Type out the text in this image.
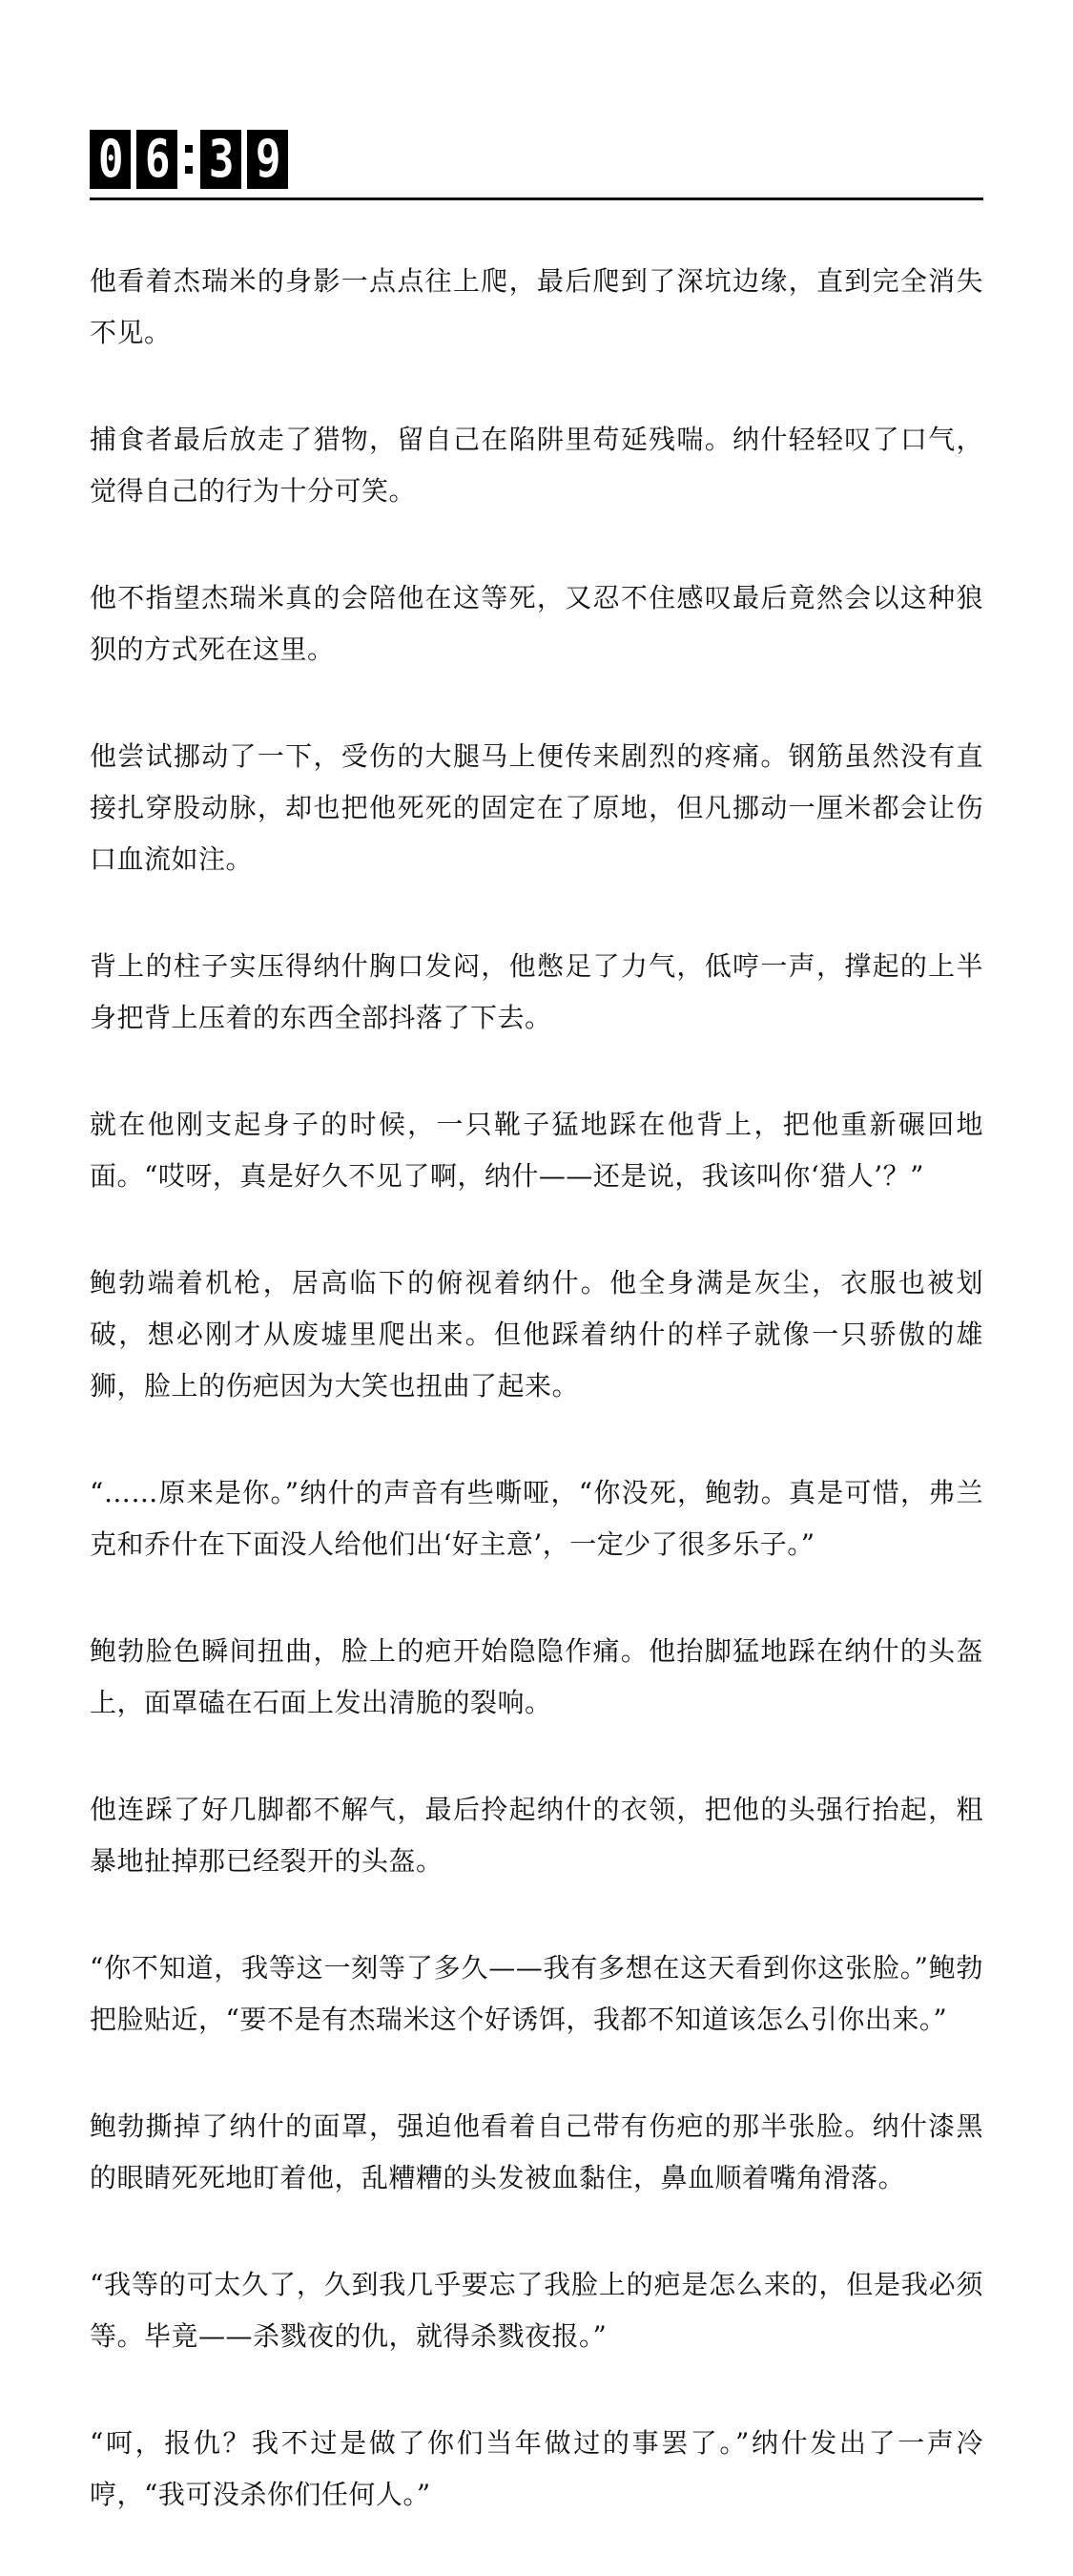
0 6 3 9

他看着杰瑞米的身影一点点往上爬，最后爬到了深坑边缘，直到完全消失不见。

捕食者最后放走了猎物，留自己在陷阱里苟延残喘。纳什轻轻叹了口气，觉得自己的行为十分可笑。

他不指望杰瑞米真的会陪他在这等死，又忍不住感叹最后竟然会以这种狼狈的方式死在这里。

他尝试挪动了一下，受伤的大腿马上便传来剧烈的疼痛。钢筋虽然没有直接扎穿股动脉，却也把他死死的固定在了原地，但凡挪动一厘米都会让伤口血流如注。

背上的柱子实压得纳什胸口发闷，他憋足了力气，低哼一声，撑起的上半身把背上压着的东西全部抖落了下去。

就在他刚支起身子的时候，一只靴子猛地踩在他背上，把他重新碾回地面。“哎呀，真是好久不见了啊，纳什——还是说，我该叫你‘猎人’？”

鲍勃端着机枪，居高临下的俯视着纳什。他全身满是灰尘，衣服也被划破，想必刚才从废墟里爬出来。但他踩着纳什的样子就像一只骄傲的雄狮，脸上的伤疤因为大笑也扭曲了起来。

“……原来是你。”纳什的声音有些嘶哑，“你没死，鲍勃。真是可惜，弗兰克和乔什在下面没人给他们出‘好主意’，一定少了很多乐子。”

鲍勃脸色瞬间扭曲，脸上的疤开始隐隐作痛。他抬脚猛地踩在纳什的头盔上，面罩磕在石面上发出清脆的裂响。

他连踩了好几脚都不解气，最后拎起纳什的衣领，把他的头强行抬起，粗暴地扯掉那已经裂开的头盔。

“你不知道，我等这一刻等了多久——我有多想在这天看到你这张脸。”鲍勃把脸贴近，“要不是有杰瑞米这个好诱饵，我都不知道该怎么引你出来。”

鲍勃撕掉了纳什的面罩，强迫他看着自己带有伤疤的那半张脸。纳什漆黑的眼睛死死地盯着他，乱糟糟的头发被血黏住，鼻血顺着嘴角滑落。

“我等的可太久了，久到我几乎要忘了我脸上的疤是怎么来的，但是我必须等。毕竟——杀戮夜的仇，就得杀戮夜报。”

“呵，报仇？我不过是做了你们当年做过的事罢了。”纳什发出了一声冷哼，“我可没杀你们任何人。”
